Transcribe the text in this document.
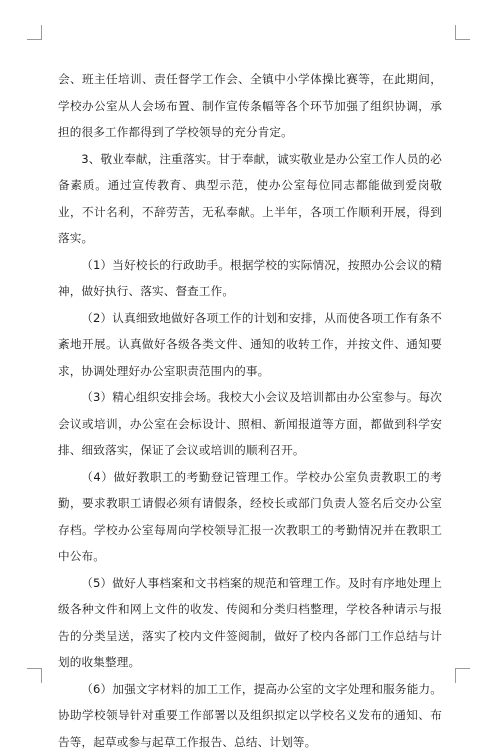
会、班主任培训、责任督学工作会、全镇中小学体操比赛等，在此期间，学校办公室从人会场布置、制作宣传条幅等各个环节加强了组织协调，承担的很多工作都得到了学校领导的充分肯定。

3、敬业奉献，注重落实。甘于奉献，诚实敬业是办公室工作人员的必备素质。通过宣传教育、典型示范，使办公室每位同志都能做到爱岗敬业，不计名利，不辞劳苦，无私奉献。上半年，各项工作顺利开展，得到落实。

（1）当好校长的行政助手。根据学校的实际情况，按照办公会议的精神，做好执行、落实、督查工作。

（2）认真细致地做好各项工作的计划和安排，从而使各项工作有条不紊地开展。认真做好各级各类文件、通知的收转工作，并按文件、通知要求，协调处理好办公室职责范围内的事。

（3）精心组织安排会场。我校大小会议及培训都由办公室参与。每次会议或培训，办公室在会标设计、照相、新闻报道等方面，都做到科学安排、细致落实，保证了会议或培训的顺利召开。

（4）做好教职工的考勤登记管理工作。学校办公室负责教职工的考勤，要求教职工请假必须有请假条，经校长或部门负责人签名后交办公室存档。学校办公室每周向学校领导汇报一次教职工的考勤情况并在教职工中公布。

（5）做好人事档案和文书档案的规范和管理工作。及时有序地处理上级各种文件和网上文件的收发、传阅和分类归档整理，学校各种请示与报告的分类呈送，落实了校内文件签阅制，做好了校内各部门工作总结与计划的收集整理。

（6）加强文字材料的加工工作，提高办公室的文字处理和服务能力。协助学校领导针对重要工作部署以及组织拟定以学校名义发布的通知、布告等，起草或参与起草工作报告、总结、计划等。
